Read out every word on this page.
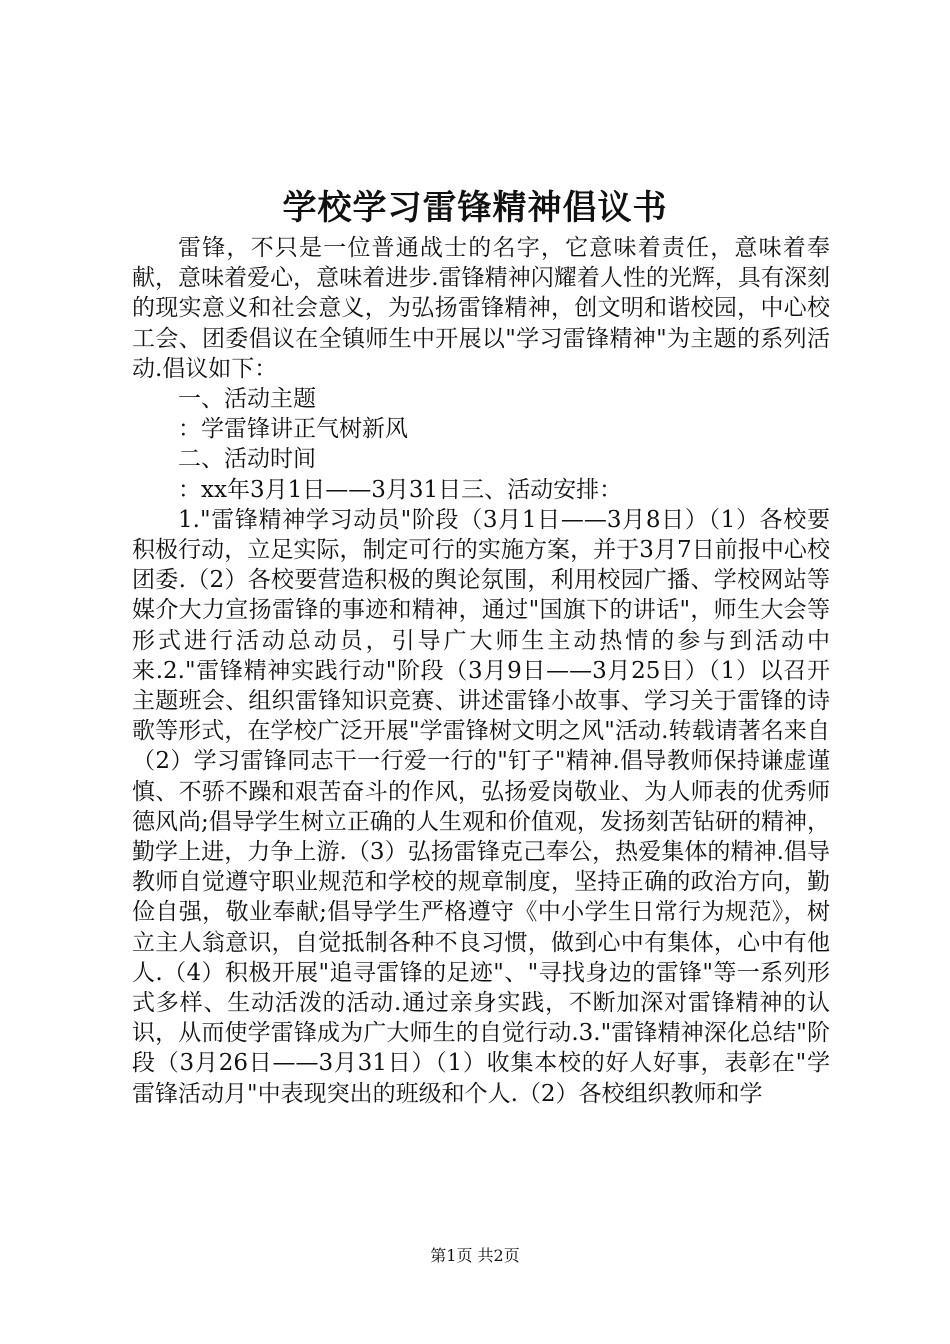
学校学习雷锋精神倡议书

雷锋，不只是一位普通战士的名字，它意味着责任，意味着奉献，意味着爱心，意味着进步.雷锋精神闪耀着人性的光辉，具有深刻的现实意义和社会意义，为弘扬雷锋精神，创文明和谐校园，中心校工会、团委倡议在全镇师生中开展以"学习雷锋精神"为主题的系列活动.倡议如下：

一、活动主题

：学雷锋讲正气树新风

二、活动时间

：xx年3月1日——3月31日三、活动安排：

1."雷锋精神学习动员"阶段（3月1日——3月8日）（1）各校要积极行动，立足实际，制定可行的实施方案，并于3月7日前报中心校团委.（2）各校要营造积极的舆论氛围，利用校园广播、学校网站等媒介大力宣扬雷锋的事迹和精神，通过"国旗下的讲话"，师生大会等形式进行活动总动员，引导广大师生主动热情的参与到活动中来.2."雷锋精神实践行动"阶段（3月9日——3月25日）（1）以召开主题班会、组织雷锋知识竞赛、讲述雷锋小故事、学习关于雷锋的诗歌等形式，在学校广泛开展"学雷锋树文明之风"活动.转载请著名来自（2）学习雷锋同志干一行爱一行的"钉子"精神.倡导教师保持谦虚谨慎、不骄不躁和艰苦奋斗的作风，弘扬爱岗敬业、为人师表的优秀师德风尚;倡导学生树立正确的人生观和价值观，发扬刻苦钻研的精神，勤学上进，力争上游.（3）弘扬雷锋克己奉公，热爱集体的精神.倡导教师自觉遵守职业规范和学校的规章制度，坚持正确的政治方向，勤俭自强，敬业奉献;倡导学生严格遵守《中小学生日常行为规范》，树立主人翁意识，自觉抵制各种不良习惯，做到心中有集体，心中有他人.（4）积极开展"追寻雷锋的足迹"、"寻找身边的雷锋"等一系列形式多样、生动活泼的活动.通过亲身实践，不断加深对雷锋精神的认识，从而使学雷锋成为广大师生的自觉行动.3."雷锋精神深化总结"阶段（3月26日——3月31日）（1）收集本校的好人好事，表彰在"学雷锋活动月"中表现突出的班级和个人.（2）各校组织教师和学

第1页 共2页
